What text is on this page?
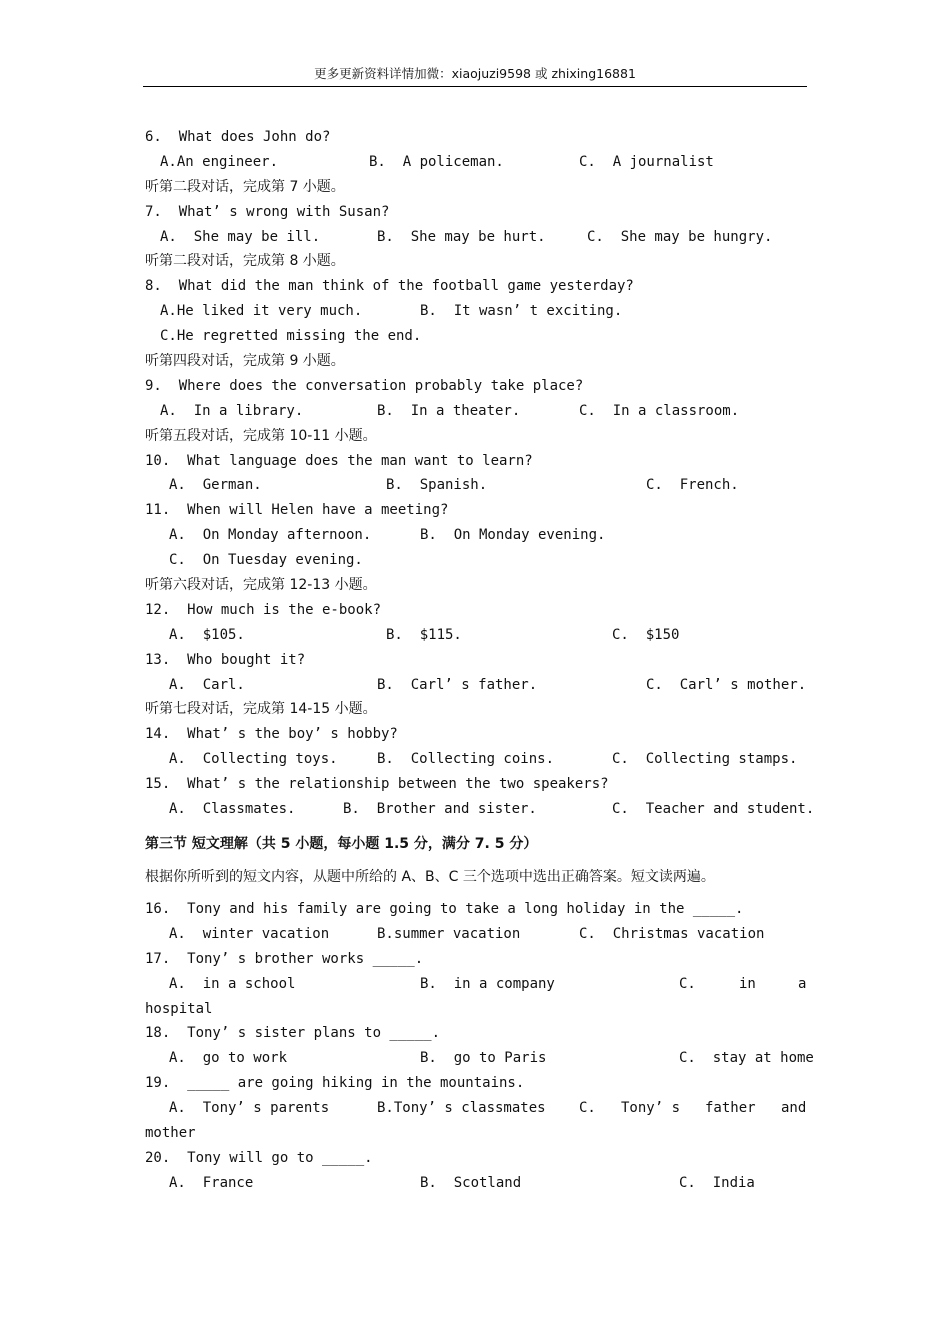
更多更新资料详情加微：xiaojuzi9598 或 zhixing16881
6.  What does John do?

A.An engineer.

	B.  A policeman.

	C.  A journalist

听第二段对话，完成第 7 小题。
7.  What’ s wrong with Susan?

A.  She may be ill.

	B.  She may be hurt.

	C.  She may be hungry.

听第二段对话，完成第 8 小题。
8.  What did the man think of the football game yesterday?

A.He liked it very much.

	B.  It wasn’ t exciting.

C.He regretted missing the end.

听第四段对话，完成第 9 小题。
9.  Where does the conversation probably take place?

A.  In a library.

	B.  In a theater.

	C.  In a classroom.

听第五段对话，完成第 10-11 小题。
10.  What language does the man want to learn?

A.  German.

	B.  Spanish.

	C.  French.

11.  When will Helen have a meeting?

A.  On Monday afternoon.

	B.  On Monday evening.

C.  On Tuesday evening.

听第六段对话，完成第 12-13 小题。
12.  How much is the e-book?

A.  $105.

	B.  $115.

	C.  $150

13.  Who bought it?

A.  Carl.

	B.  Carl’ s father.

	C.  Carl’ s mother.

听第七段对话，完成第 14-15 小题。
14.  What’ s the boy’ s hobby?

A.  Collecting toys.

	B.  Collecting coins.

	C.  Collecting stamps.

15.  What’ s the relationship between the two speakers?

A.  Classmates.

	B.  Brother and sister.

	C.  Teacher and student.

第三节 短文理解（共 5 小题，每小题 1.5 分，满分 7. 5 分）
根据你所听到的短文内容，从题中所给的 A、B、C 三个选项中选出正确答案。短文读两遍。
16.  Tony and his family are going to take a long holiday in the _____.

A.  winter vacation

	B.summer vacation

	C.  Christmas vacation

17.  Tony’ s brother works _____.

A.  in a school

	B.  in a company

	C.

	in

	a

hospital
18.  Tony’ s sister plans to _____.

A.  go to work

	B.  go to Paris

	C.  stay at home

19.  _____ are going hiking in the mountains.

A.  Tony’ s parents

	B.Tony’ s classmates

C.

Tony’ s

father

and

mother
20.  Tony will go to _____.

A.  France

	B.  Scotland

	C.  India
